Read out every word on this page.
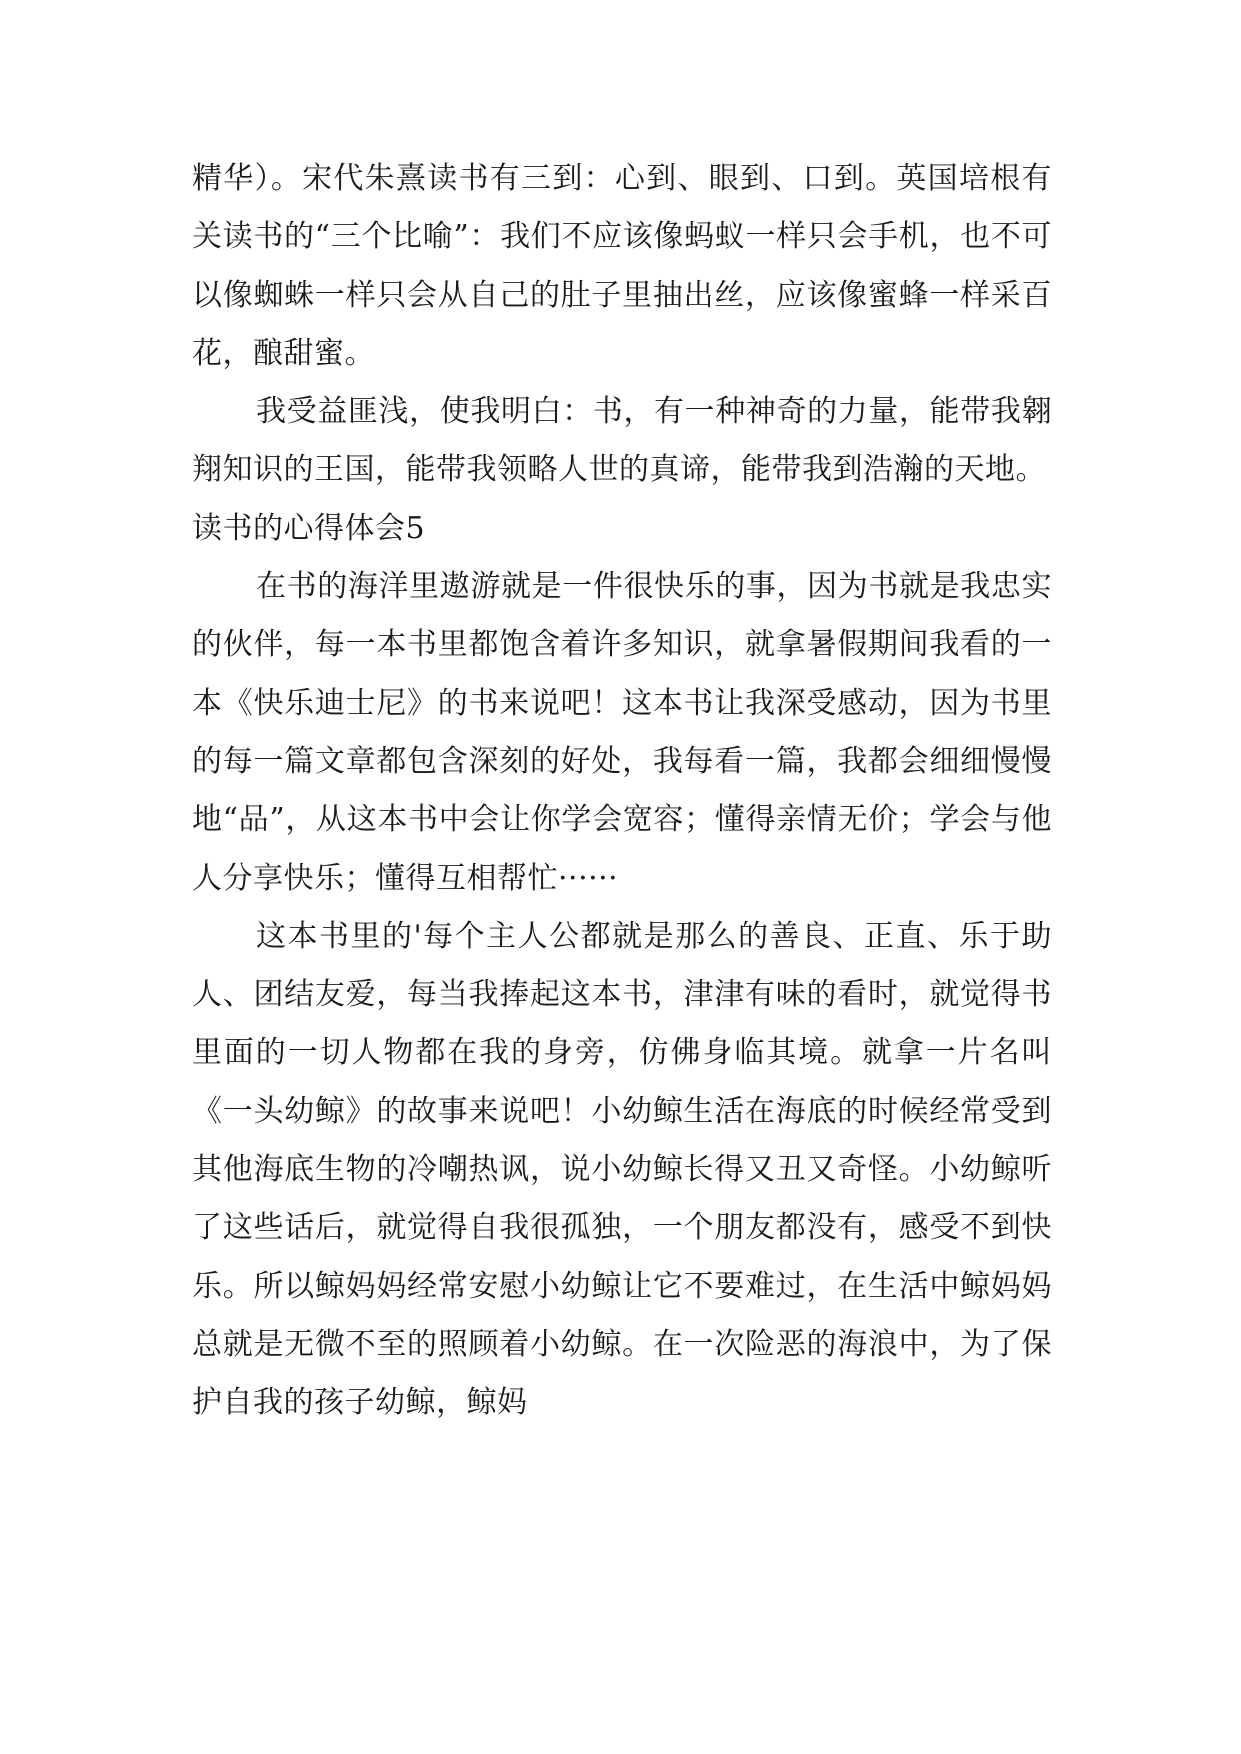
精华）。宋代朱熹读书有三到：心到、眼到、口到。英国培根有关读书的“三个比喻”：我们不应该像蚂蚁一样只会手机，也不可以像蜘蛛一样只会从自己的肚子里抽出丝，应该像蜜蜂一样采百花，酿甜蜜。

我受益匪浅，使我明白：书，有一种神奇的力量，能带我翱翔知识的王国，能带我领略人世的真谛，能带我到浩瀚的天地。

读书的心得体会5

在书的海洋里遨游就是一件很快乐的事，因为书就是我忠实的伙伴，每一本书里都饱含着许多知识，就拿暑假期间我看的一本《快乐迪士尼》的书来说吧！这本书让我深受感动，因为书里的每一篇文章都包含深刻的好处，我每看一篇，我都会细细慢慢地“品”，从这本书中会让你学会宽容；懂得亲情无价；学会与他人分享快乐；懂得互相帮忙······

这本书里的'每个主人公都就是那么的善良、正直、乐于助人、团结友爱，每当我捧起这本书，津津有味的看时，就觉得书里面的一切人物都在我的身旁，仿佛身临其境。就拿一片名叫《一头幼鲸》的故事来说吧！小幼鲸生活在海底的时候经常受到其他海底生物的冷嘲热讽，说小幼鲸长得又丑又奇怪。小幼鲸听了这些话后，就觉得自我很孤独，一个朋友都没有，感受不到快乐。所以鲸妈妈经常安慰小幼鲸让它不要难过，在生活中鲸妈妈总就是无微不至的照顾着小幼鲸。在一次险恶的海浪中，为了保护自我的孩子幼鲸，鲸妈
